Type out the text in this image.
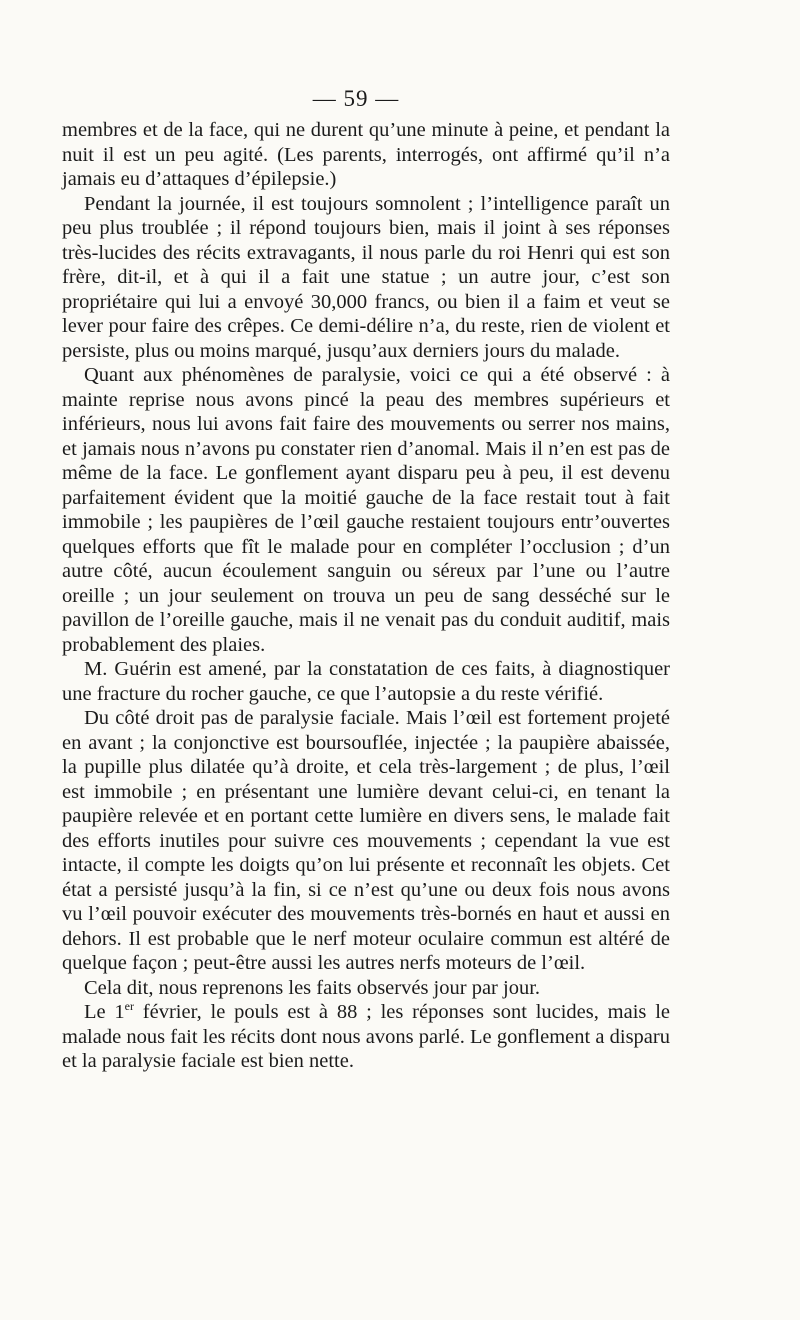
— 59 —

membres et de la face, qui ne durent qu’une minute à peine, et pendant la nuit il est un peu agité. (Les parents, interrogés, ont affirmé qu’il n’a jamais eu d’attaques d’épilepsie.)

Pendant la journée, il est toujours somnolent ; l’intelligence paraît un peu plus troublée ; il répond toujours bien, mais il joint à ses réponses très-lucides des récits extravagants, il nous parle du roi Henri qui est son frère, dit-il, et à qui il a fait une statue ; un autre jour, c’est son propriétaire qui lui a envoyé 30,000 francs, ou bien il a faim et veut se lever pour faire des crêpes. Ce demi-délire n’a, du reste, rien de violent et persiste, plus ou moins marqué, jusqu’aux derniers jours du malade.

Quant aux phénomènes de paralysie, voici ce qui a été observé : à mainte reprise nous avons pincé la peau des membres supérieurs et inférieurs, nous lui avons fait faire des mouvements ou serrer nos mains, et jamais nous n’avons pu constater rien d’anomal. Mais il n’en est pas de même de la face. Le gonflement ayant disparu peu à peu, il est devenu parfaitement évident que la moitié gauche de la face restait tout à fait immobile ; les paupières de l’œil gauche restaient toujours entr’ouvertes quelques efforts que fît le malade pour en compléter l’occlusion ; d’un autre côté, aucun écoulement sanguin ou séreux par l’une ou l’autre oreille ; un jour seulement on trouva un peu de sang desséché sur le pavillon de l’oreille gauche, mais il ne venait pas du conduit auditif, mais probablement des plaies.

M. Guérin est amené, par la constatation de ces faits, à diagnostiquer une fracture du rocher gauche, ce que l’autopsie a du reste vérifié.

Du côté droit pas de paralysie faciale. Mais l’œil est fortement projeté en avant ; la conjonctive est boursouflée, injectée ; la paupière abaissée, la pupille plus dilatée qu’à droite, et cela très-largement ; de plus, l’œil est immobile ; en présentant une lumière devant celui-ci, en tenant la paupière relevée et en portant cette lumière en divers sens, le malade fait des efforts inutiles pour suivre ces mouvements ; cependant la vue est intacte, il compte les doigts qu’on lui présente et reconnaît les objets. Cet état a persisté jusqu’à la fin, si ce n’est qu’une ou deux fois nous avons vu l’œil pouvoir exécuter des mouvements très-bornés en haut et aussi en dehors. Il est probable que le nerf moteur oculaire commun est altéré de quelque façon ; peut-être aussi les autres nerfs moteurs de l’œil.

Cela dit, nous reprenons les faits observés jour par jour.

Le 1er février, le pouls est à 88 ; les réponses sont lucides, mais le malade nous fait les récits dont nous avons parlé. Le gonflement a disparu et la paralysie faciale est bien nette.
